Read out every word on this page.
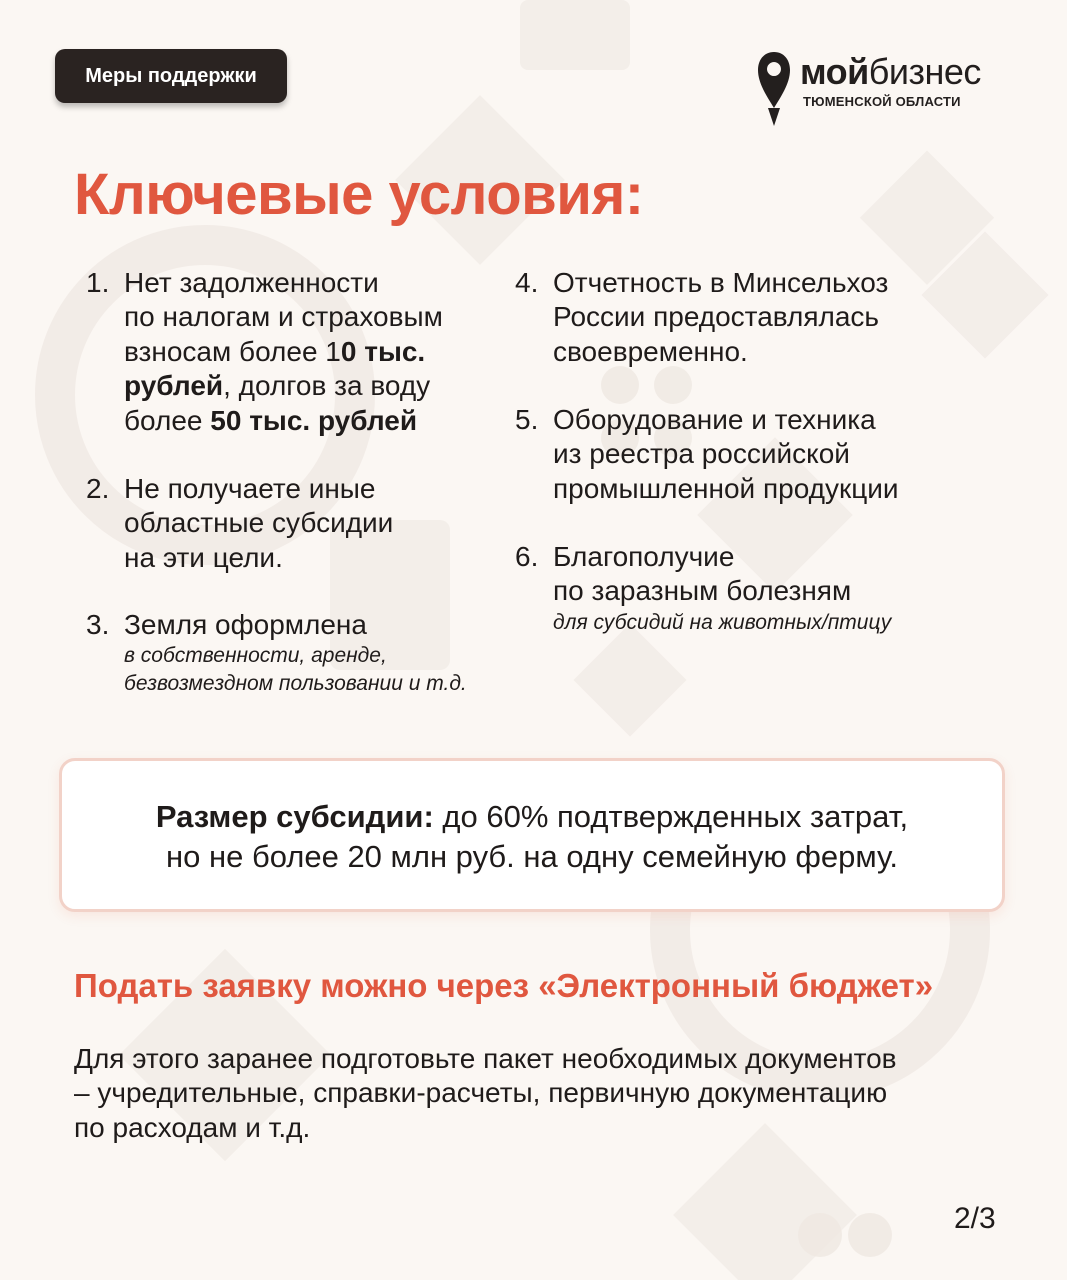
Меры поддержки	мойбизнес
ТЮМЕНСКОЙ ОБЛАСТИ
Ключевые условия:
1. Нет задолженности
по налогам и страховым
взносам более 10 тыс.
рублей, долгов за воду
более 50 тыс. рублей
2. Не получаете иные
областные субсидии
на эти цели.
3. Земля оформлена
в собственности, аренде,
безвозмездном пользовании и т.д.
4. Отчетность в Минсельхоз
России предоставлялась
своевременно.
5. Оборудование и техника
из реестра российской
промышленной продукции
6. Благополучие
по заразным болезням
для субсидий на животных/птицу
Размер субсидии: до 60% подтвержденных затрат,
но не более 20 млн руб. на одну семейную ферму.
Подать заявку можно через «Электронный бюджет»
Для этого заранее подготовьте пакет необходимых документов
– учредительные, справки-расчеты, первичную документацию
по расходам и т.д.
2/3
